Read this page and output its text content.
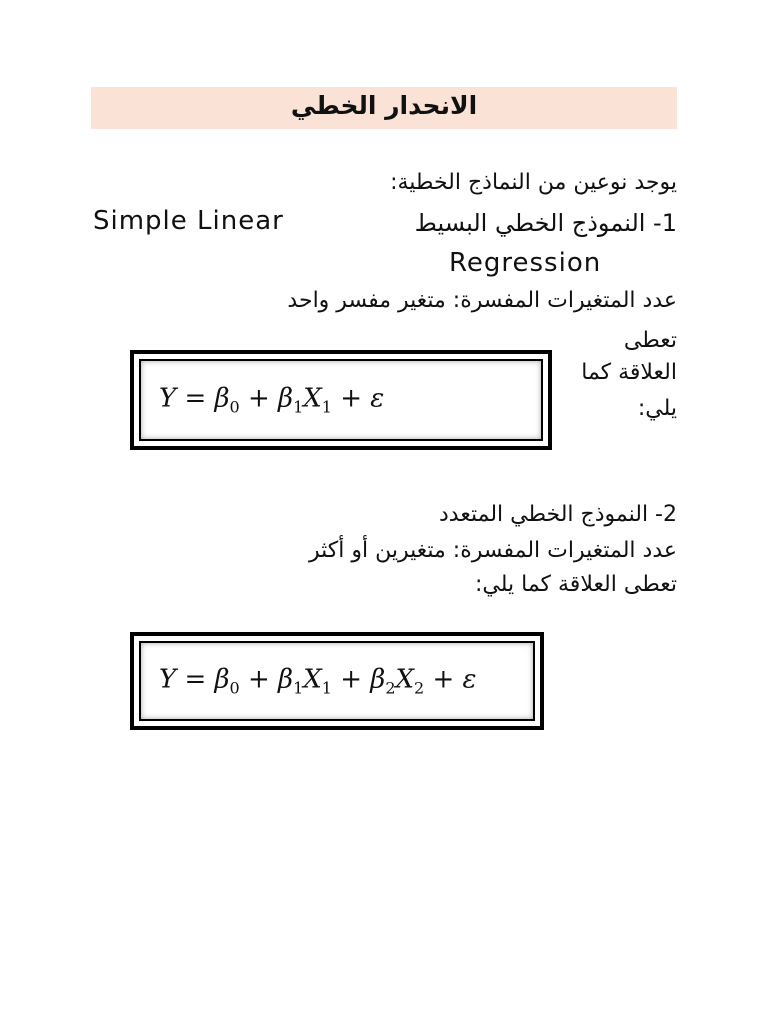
الانحدار الخطي
يوجد نوعين من النماذج الخطية:
1- النموذج الخطي البسيط
Simple Linear
Regression
عدد المتغيرات المفسرة: متغير مفسر واحد
تعطى
العلاقة كما
يلي:
$Y = \beta_0 + \beta_1X_1 + \varepsilon$
2- النموذج الخطي المتعدد
عدد المتغيرات المفسرة: متغيرين أو أكثر
تعطى العلاقة كما يلي:
$Y = \beta_0 + \beta_1X_1 + \beta_2X_2 + \varepsilon$
